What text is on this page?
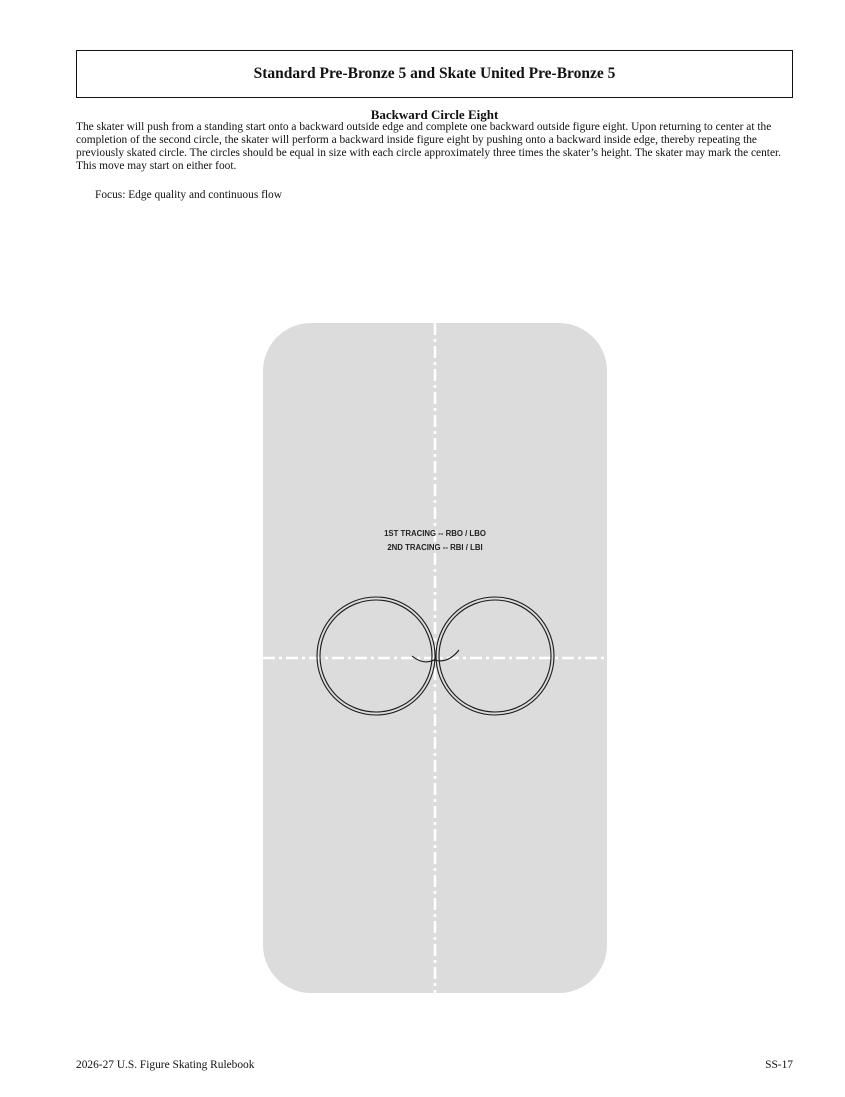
Standard Pre-Bronze 5 and Skate United Pre-Bronze 5
Backward Circle Eight

The skater will push from a standing start onto a backward outside edge and complete one backward outside figure eight. Upon returning to center at the completion of the second circle, the skater will perform a backward inside figure eight by pushing onto a backward inside edge, thereby repeating the previously skated circle. The circles should be equal in size with each circle approximately three times the skater’s height. The skater may mark the center. This move may start on either foot.

Focus: Edge quality and continuous flow
1ST TRACING -- RBO / LBO
2ND TRACING -- RBI / LBI
2026-27 U.S. Figure Skating Rulebook	SS-17
